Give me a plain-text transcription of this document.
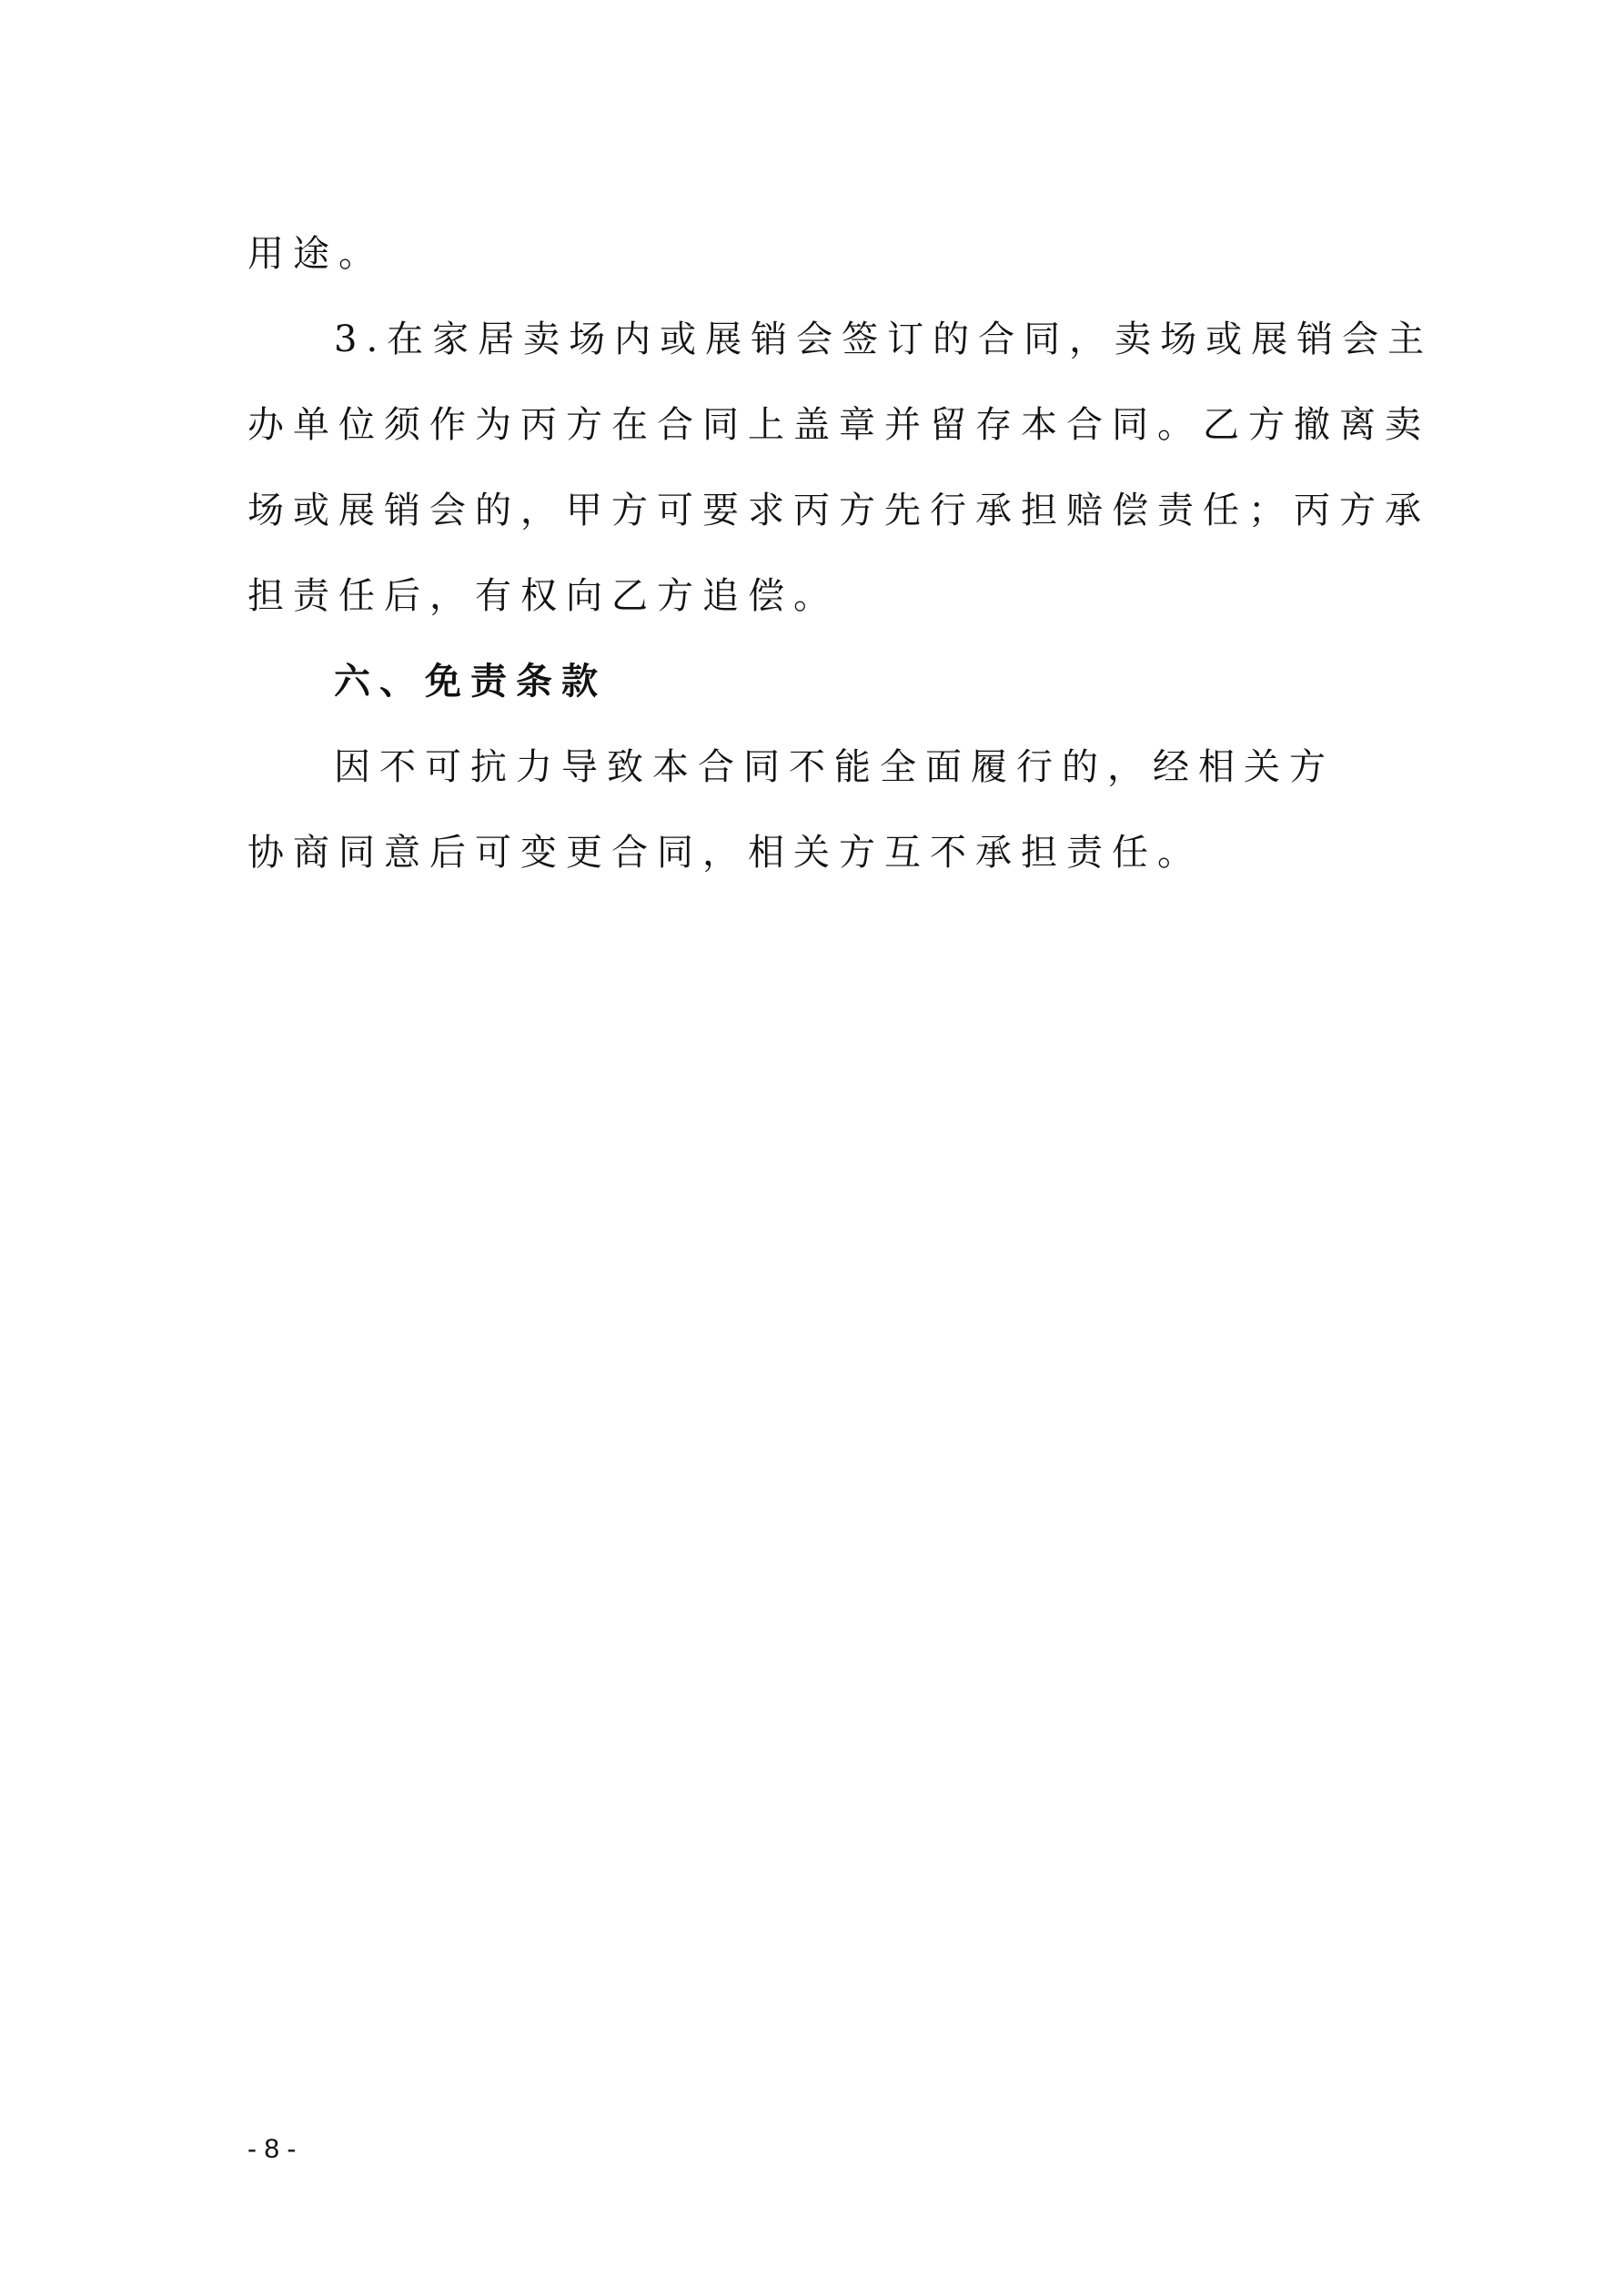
用途。
3.在家居卖场内或展销会签订的合同，卖场或展销会主
办单位须作为丙方在合同上盖章并留存本合同。乙方撤离卖
场或展销会的，甲方可要求丙方先行承担赔偿责任；丙方承
担责任后，有权向乙方追偿。
六、免责条款
因不可抗力导致本合同不能全面履行的，经相关方
协商同意后可变更合同，相关方互不承担责任。
- 8 -
